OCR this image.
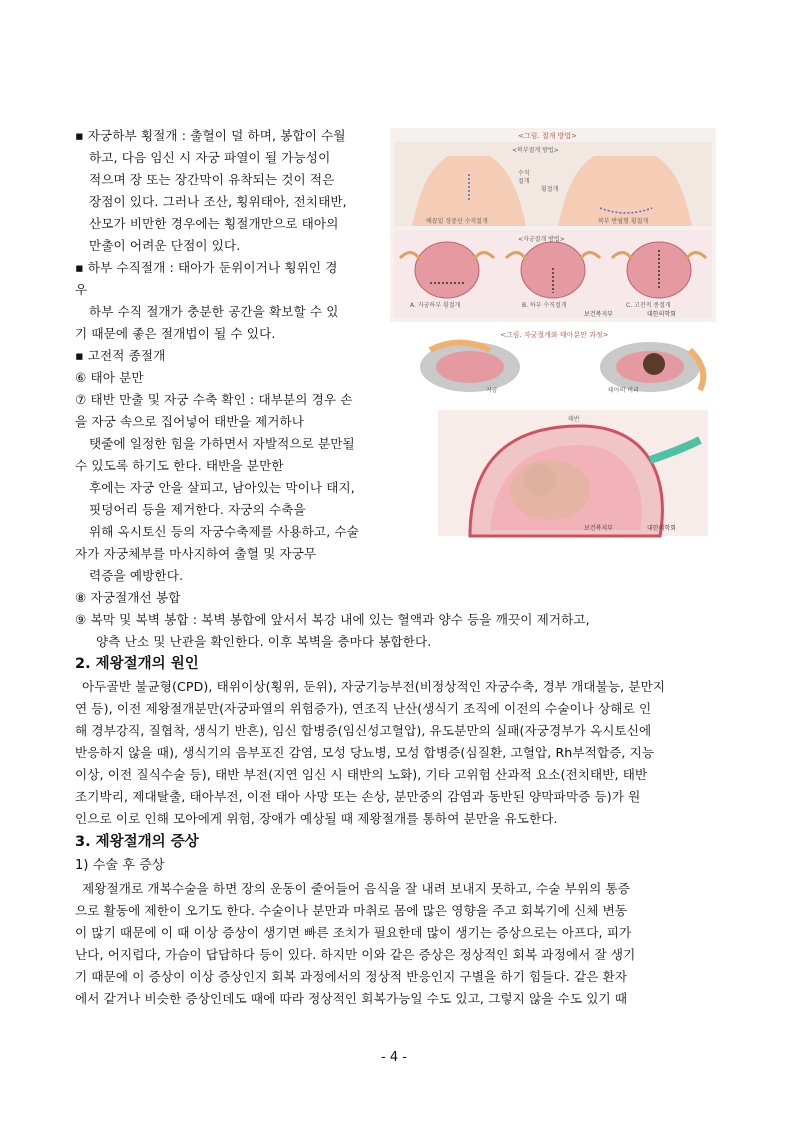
▪ 자궁하부 횡절개 : 출혈이 덜 하며, 봉합이 수월
하고, 다음 임신 시 자궁 파열이 될 가능성이
적으며 장 또는 장간막이 유착되는 것이 적은
장점이 있다. 그러나 조산, 횡위태아, 전치태반,
산모가 비만한 경우에는 횡절개만으로 태아의
만출이 어려운 단점이 있다.
▪ 하부 수직절개 : 태아가 둔위이거나 횡위인 경
우
하부 수직 절개가 충분한 공간을 확보할 수 있
기 때문에 좋은 절개법이 될 수 있다.
▪ 고전적 종절개
⑥ 태아 분만
⑦ 태반 만출 및 자궁 수축 확인 : 대부분의 경우 손
을 자궁 속으로 집어넣어 태반을 제거하나
탯줄에 일정한 힘을 가하면서 자발적으로 분만될
수 있도록 하기도 한다. 태반을 분만한
후에는 자궁 안을 살피고, 남아있는 막이나 태지,
핏덩어리 등을 제거한다. 자궁의 수축을
위해 옥시토신 등의 자궁수축제를 사용하고, 수술
자가 자궁체부를 마사지하여 출혈 및 자궁무
력증을 예방한다.
⑧ 자궁절개선 봉합
⑨ 복막 및 복벽 봉합 : 복벽 봉합에 앞서서 복강 내에 있는 혈액과 양수 등을 깨끗이 제거하고,
양측 난소 및 난관을 확인한다. 이후 복벽을 층마다 봉합한다.
2. 제왕절개의 원인
아두골반 불균형(CPD), 태위이상(횡위, 둔위), 자궁기능부전(비정상적인 자궁수축, 경부 개대불능, 분만지
연 등), 이전 제왕절개분만(자궁파열의 위험증가), 연조직 난산(생식기 조직에 이전의 수술이나 상해로 인
해 경부강직, 질협착, 생식기 반흔), 임신 합병증(임신성고혈압), 유도분만의 실패(자궁경부가 옥시토신에
반응하지 않을 때), 생식기의 음부포진 감염, 모성 당뇨병, 모성 합병증(심질환, 고혈압, Rh부적합증, 지능
이상, 이전 질식수술 등), 태반 부전(지연 임신 시 태반의 노화), 기타 고위험 산과적 요소(전치태반, 태반
조기박리, 제대탈출, 태아부전, 이전 태아 사망 또는 손상, 분만중의 감염과 동반된 양막파막증 등)가 원
인으로 이로 인해 모아에게 위험, 장애가 예상될 때 제왕절개를 통하여 분만을 유도한다.
3. 제왕절개의 증상
1) 수술 후 증상
제왕절개로 개복수술을 하면 장의 운동이 줄어들어 음식을 잘 내려 보내지 못하고, 수술 부위의 통증
으로 활동에 제한이 오기도 한다. 수술이나 분만과 마취로 몸에 많은 영향을 주고 회복기에 신체 변동
이 많기 때문에 이 때 이상 증상이 생기면 빠른 조치가 필요한데 많이 생기는 증상으로는 아프다, 피가
난다, 어지럽다, 가슴이 답답하다 등이 있다. 하지만 이와 같은 증상은 정상적인 회복 과정에서 잘 생기
기 때문에 이 증상이 이상 증상인지 회복 과정에서의 정상적 반응인지 구별을 하기 힘들다. 같은 환자
에서 같거나 비슷한 증상인데도 때에 따라 정상적인 회복가능일 수도 있고, 그렇지 않을 수도 있기 때
- 4 -
<그림. 절개 방법>
<복부절개 방법>
수직
절개
횡절개
배꼽밑 정중선 수직절개	복부 반월형 횡절개
<자궁절개 방법>
A. 자궁하부 횡절개	B. 하부 수직절개	C. 고전적 종절개
보건복지부	대한의학회
<그림. 자궁절개와 태아분만 과정>
자궁	태아의 머리
태반
보건복지부	대한의학회
